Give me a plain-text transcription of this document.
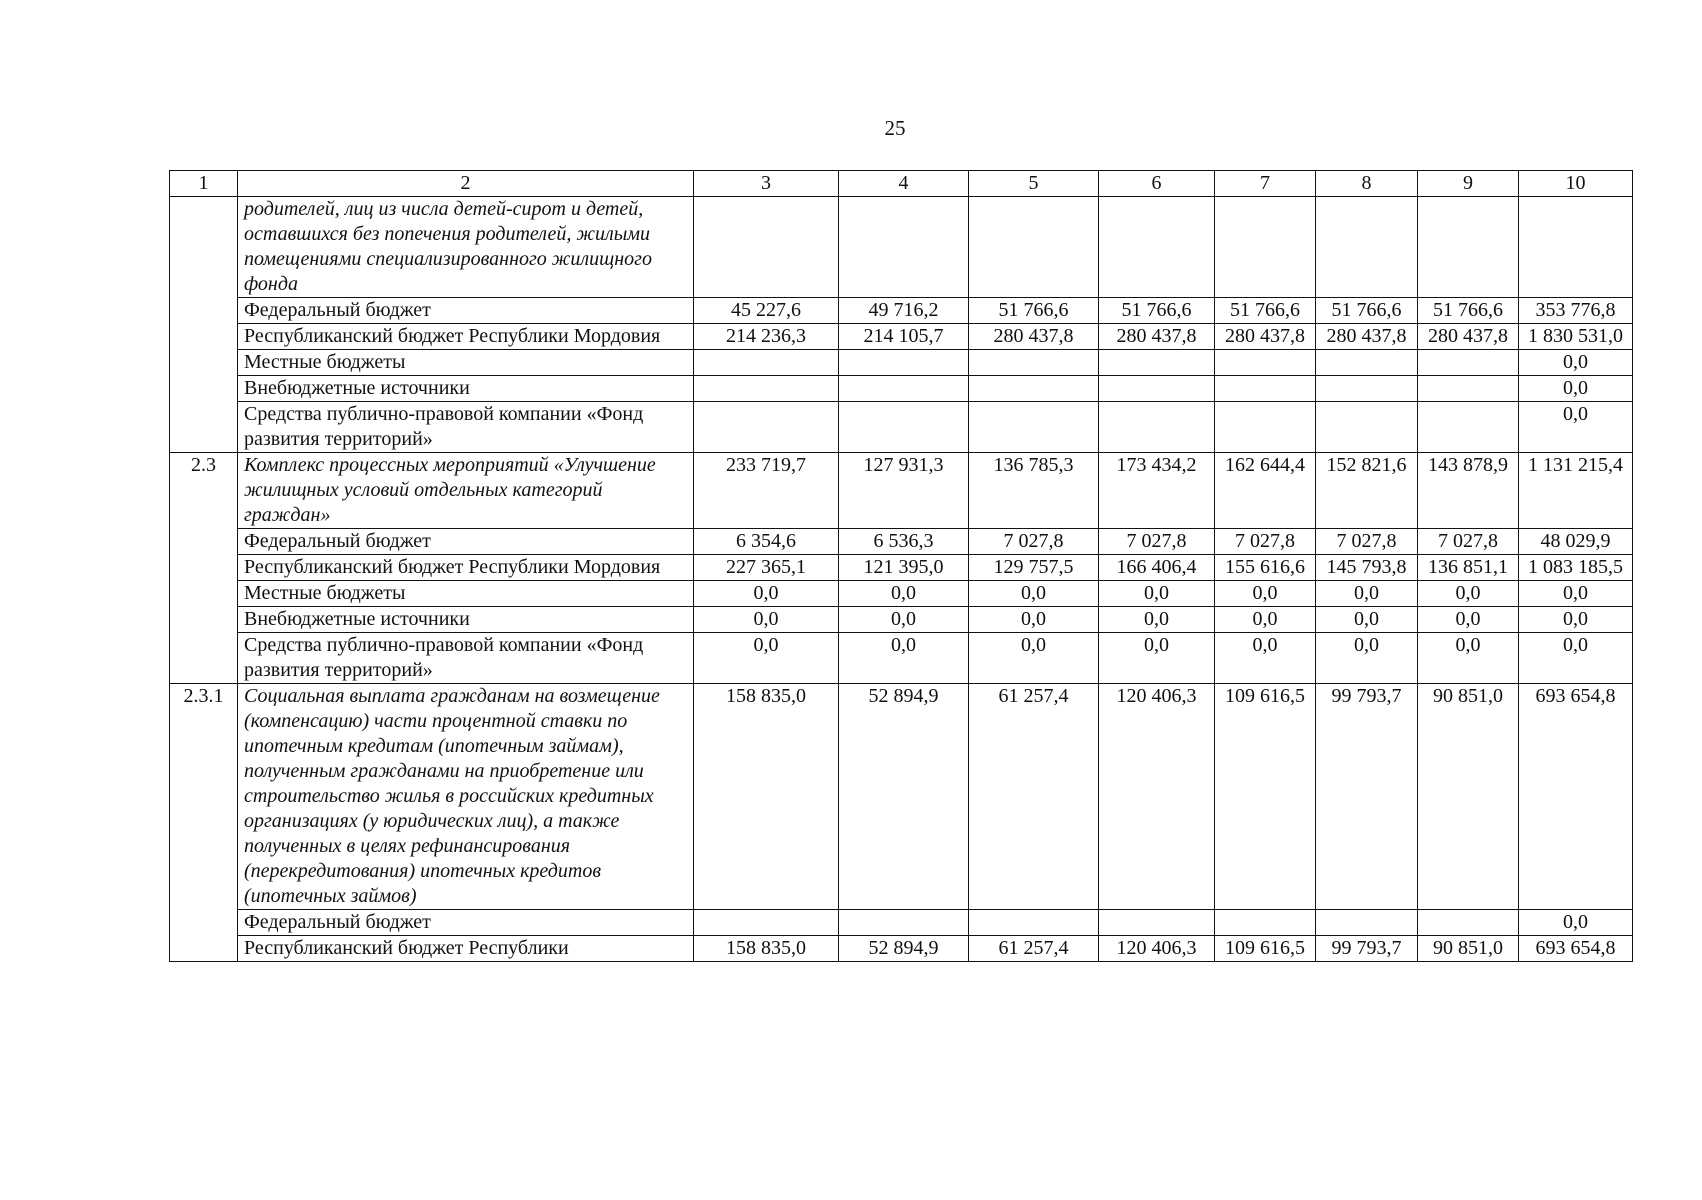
25
1	2	3	4	5	6	7	8	9	10
	родителей, лиц из числа детей-сирот и детей, оставшихся без попечения родителей, жилыми помещениями специализированного жилищного фонда								
	Федеральный бюджет	45 227,6	49 716,2	51 766,6	51 766,6	51 766,6	51 766,6	51 766,6	353 776,8
	Республиканский бюджет Республики Мордовия	214 236,3	214 105,7	280 437,8	280 437,8	280 437,8	280 437,8	280 437,8	1 830 531,0
	Местные бюджеты								0,0
	Внебюджетные источники								0,0
	Средства публично-правовой компании «Фонд развития территорий»								0,0
2.3	Комплекс процессных мероприятий «Улучшение жилищных условий отдельных категорий граждан»	233 719,7	127 931,3	136 785,3	173 434,2	162 644,4	152 821,6	143 878,9	1 131 215,4
	Федеральный бюджет	6 354,6	6 536,3	7 027,8	7 027,8	7 027,8	7 027,8	7 027,8	48 029,9
	Республиканский бюджет Республики Мордовия	227 365,1	121 395,0	129 757,5	166 406,4	155 616,6	145 793,8	136 851,1	1 083 185,5
	Местные бюджеты	0,0	0,0	0,0	0,0	0,0	0,0	0,0	0,0
	Внебюджетные источники	0,0	0,0	0,0	0,0	0,0	0,0	0,0	0,0
	Средства публично-правовой компании «Фонд развития территорий»	0,0	0,0	0,0	0,0	0,0	0,0	0,0	0,0
2.3.1	Социальная выплата гражданам на возмещение (компенсацию) части процентной ставки по ипотечным кредитам (ипотечным займам), полученным гражданами на приобретение или строительство жилья в российских кредитных организациях (у юридических лиц), а также полученных в целях рефинансирования (перекредитования) ипотечных кредитов (ипотечных займов)	158 835,0	52 894,9	61 257,4	120 406,3	109 616,5	99 793,7	90 851,0	693 654,8
	Федеральный бюджет								0,0
	Республиканский бюджет Республики	158 835,0	52 894,9	61 257,4	120 406,3	109 616,5	99 793,7	90 851,0	693 654,8
